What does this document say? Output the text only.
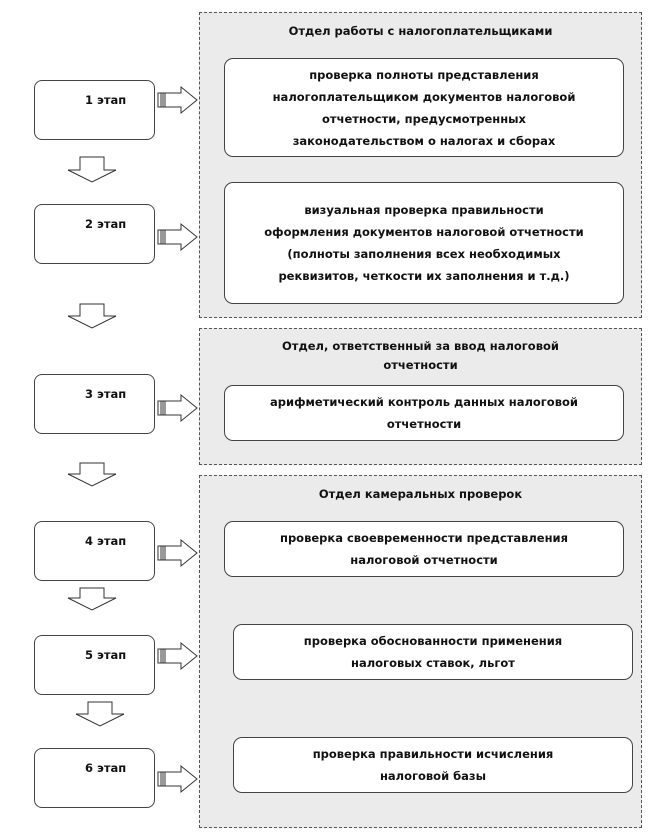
Отдел работы с налогоплательщиками
Отдел, ответственный за ввод налоговой
отчетности
Отдел камеральных проверок
проверка полноты представления
налогоплательщиком документов налоговой
отчетности, предусмотренных
законодательством о налогах и сборах
визуальная проверка правильности
оформления документов налоговой отчетности
(полноты заполнения всех необходимых
реквизитов, четкости их заполнения и т.д.)
арифметический контроль данных налоговой
отчетности
проверка своевременности представления
налоговой отчетности
проверка обоснованности применения
налоговых ставок, льгот
проверка правильности исчисления
налоговой базы
1 этап
2 этап
3 этап
4 этап
5 этап
6 этап
